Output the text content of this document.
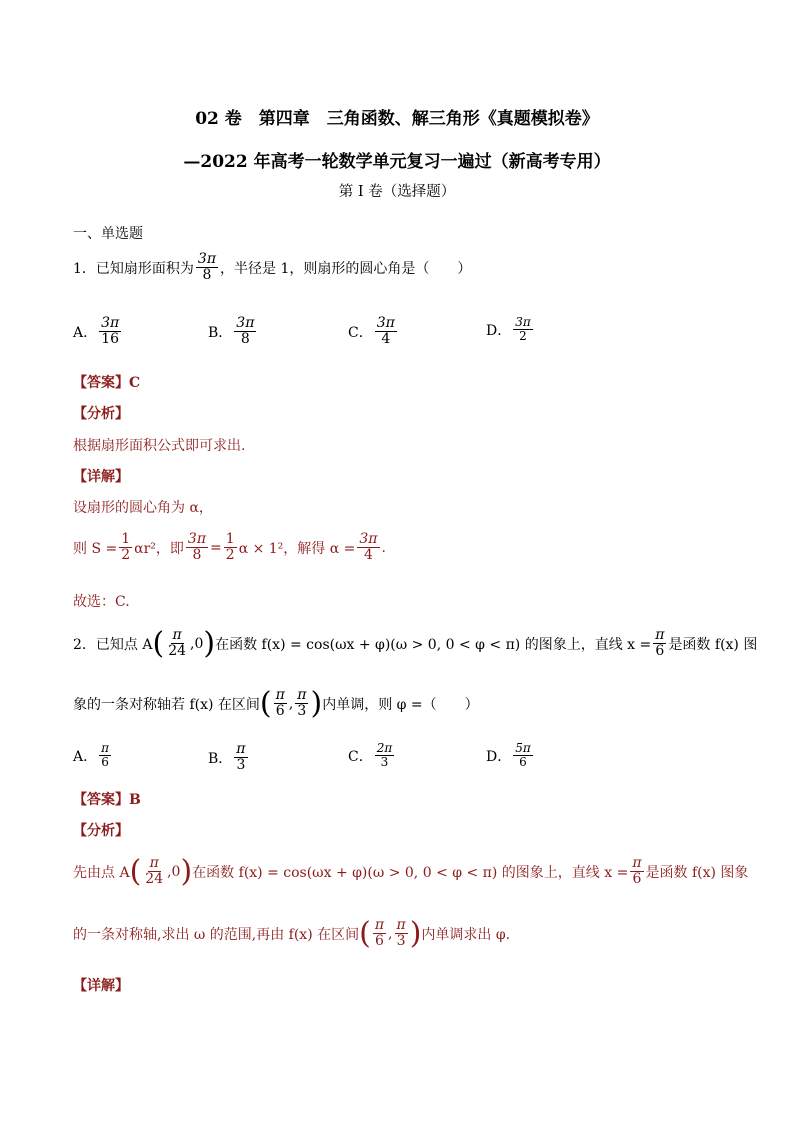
02 卷　第四章　三角函数、解三角形《真题模拟卷》
—2022 年高考一轮数学单元复习一遍过（新高考专用）
第 I 卷（选择题）
一、单选题
1．已知扇形面积为 $\frac{3\pi}{8}$ ，半径是 1，则扇形的圆心角是（　　）
A． $\frac{3\pi}{16}$	B． $\frac{3\pi}{8}$	C． $\frac{3\pi}{4}$	D． $\frac{3\pi}{2}$
【答案】C
【分析】
根据扇形面积公式即可求出.
【详解】
设扇形的圆心角为 α，
则 $S = \frac{1}{2} \alpha r^2$，即 $\frac{3\pi}{8} = \frac{1}{2}$ α × 1²，解得 $\alpha = \frac{3\pi}{4}$ .
故选：C.
2．已知点 A ( $\frac{\pi}{24} ,0$ ) 在函数 f(x) = cos(ωx + φ)(ω > 0, 0 < φ < π) 的图象上，直线 $x = \frac{\pi}{6}$ 是函数 f(x) 图
象的一条对称轴若 f(x) 在区间 ( $\frac{\pi}{6}$ , $\frac{\pi}{3}$ ) 内单调，则 φ =（　　）
A． $\frac{\pi}{6}$	B． $\frac{\pi}{3}$	C． $\frac{2\pi}{3}$	D． $\frac{5\pi}{6}$
【答案】B
【分析】
先由点 A ( $\frac{\pi}{24} ,0$ ) 在函数 f(x) = cos(ωx + φ)(ω > 0, 0 < φ < π) 的图象上，直线 $x = \frac{\pi}{6}$ 是函数 f(x) 图象
的一条对称轴,求出 ω 的范围,再由 f(x) 在区间 ( $\frac{\pi}{6}$ , $\frac{\pi}{3}$ ) 内单调求出 φ.
【详解】
